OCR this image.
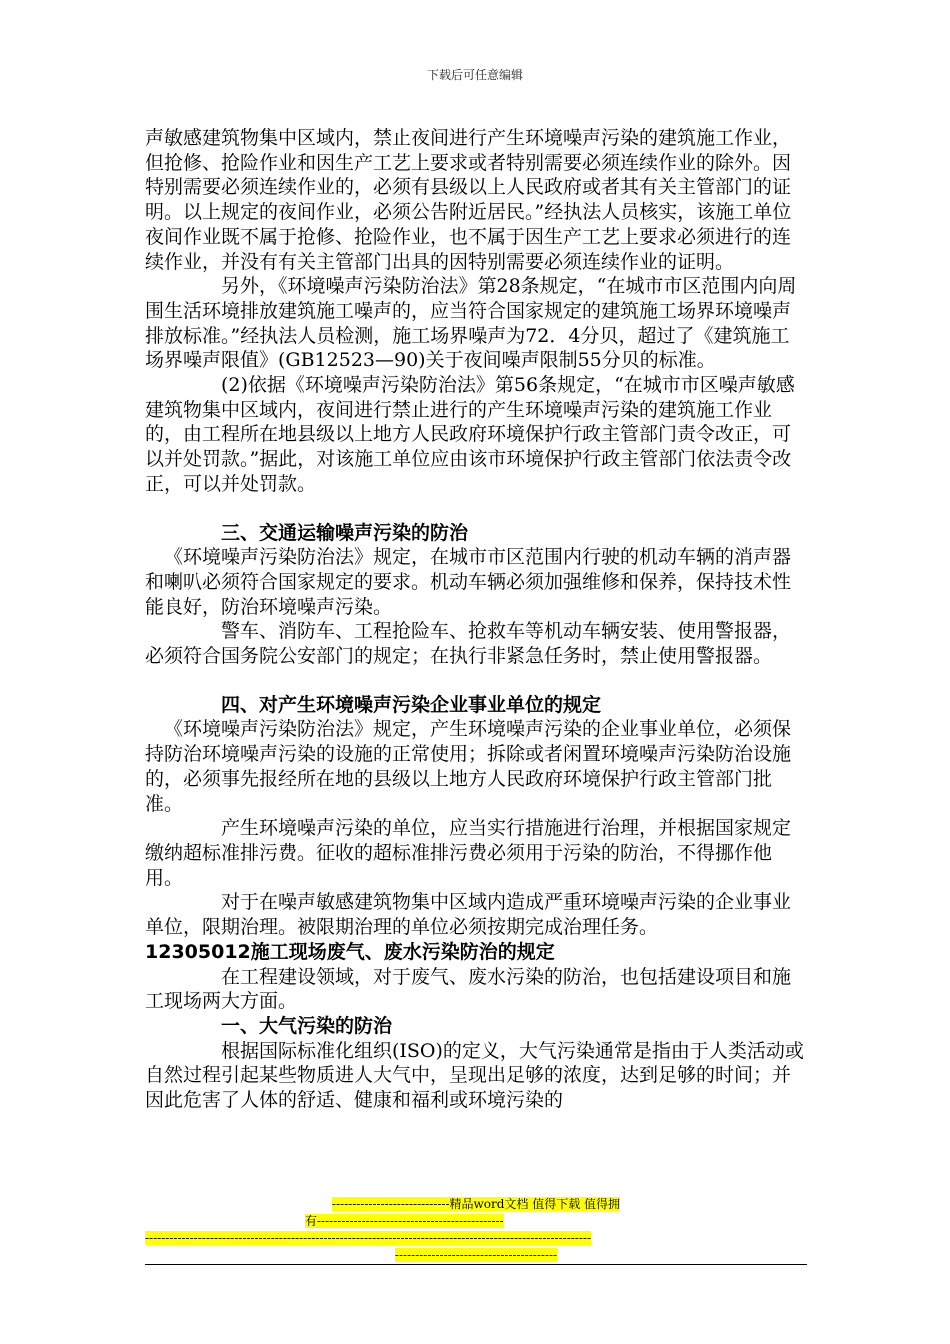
下载后可任意编辑

声敏感建筑物集中区域内，禁止夜间进行产生环境噪声污染的建筑施工作业，但抢修、抢险作业和因生产工艺上要求或者特别需要必须连续作业的除外。因特别需要必须连续作业的，必须有县级以上人民政府或者其有关主管部门的证明。以上规定的夜间作业，必须公告附近居民。”经执法人员核实，该施工单位夜间作业既不属于抢修、抢险作业，也不属于因生产工艺上要求必须进行的连续作业，并没有有关主管部门出具的因特别需要必须连续作业的证明。

另外，《环境噪声污染防治法》第28条规定，“在城市市区范围内向周围生活环境排放建筑施工噪声的，应当符合国家规定的建筑施工场界环境噪声排放标准。”经执法人员检测，施工场界噪声为72．4分贝，超过了《建筑施工场界噪声限值》(GB12523—90)关于夜间噪声限制55分贝的标准。

(2)依据《环境噪声污染防治法》第56条规定，“在城市市区噪声敏感建筑物集中区域内，夜间进行禁止进行的产生环境噪声污染的建筑施工作业的，由工程所在地县级以上地方人民政府环境保护行政主管部门责令改正，可以并处罚款。”据此，对该施工单位应由该市环境保护行政主管部门依法责令改正，可以并处罚款。

三、交通运输噪声污染的防治

《环境噪声污染防治法》规定，在城市市区范围内行驶的机动车辆的消声器和喇叭必须符合国家规定的要求。机动车辆必须加强维修和保养，保持技术性能良好，防治环境噪声污染。

警车、消防车、工程抢险车、抢救车等机动车辆安装、使用警报器，必须符合国务院公安部门的规定；在执行非紧急任务时，禁止使用警报器。

四、对产生环境噪声污染企业事业单位的规定

《环境噪声污染防治法》规定，产生环境噪声污染的企业事业单位，必须保持防治环境噪声污染的设施的正常使用；拆除或者闲置环境噪声污染防治设施的，必须事先报经所在地的县级以上地方人民政府环境保护行政主管部门批准。

产生环境噪声污染的单位，应当实行措施进行治理，并根据国家规定缴纳超标准排污费。征收的超标准排污费必须用于污染的防治，不得挪作他用。

对于在噪声敏感建筑物集中区域内造成严重环境噪声污染的企业事业单位，限期治理。被限期治理的单位必须按期完成治理任务。

12305012施工现场废气、废水污染防治的规定

在工程建设领域，对于废气、废水污染的防治，也包括建设项目和施工现场两大方面。

一、大气污染的防治

根据国际标准化组织(ISO)的定义，大气污染通常是指由于人类活动或自然过程引起某些物质进人大气中，呈现出足够的浓度，达到足够的时间；并因此危害了人体的舒适、健康和福利或环境污染的

-----------------------------精品word文档 值得下载 值得拥
有----------------------------------------------
--------------------------------------------------------------------------------------------------------------
----------------------------------------
